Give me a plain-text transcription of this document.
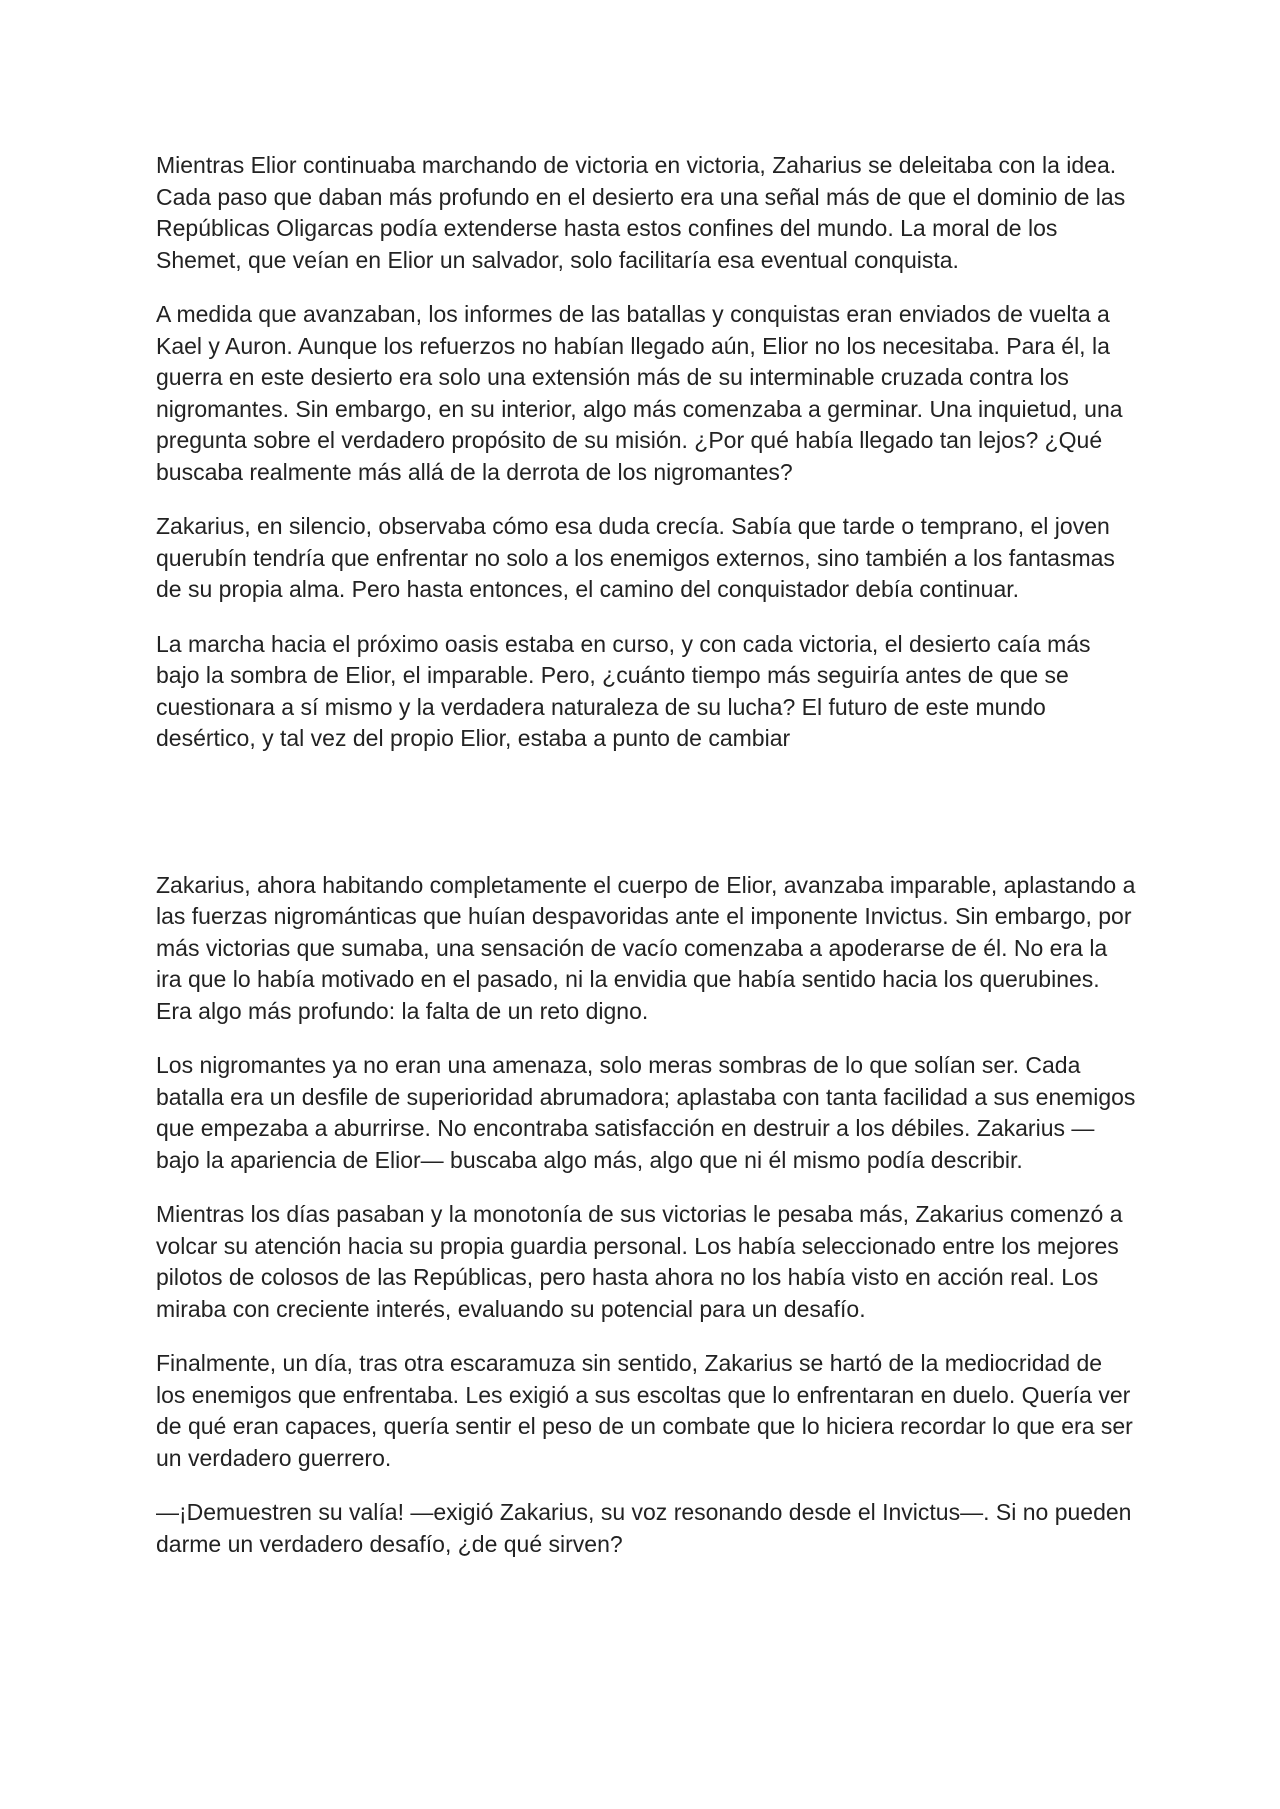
Mientras Elior continuaba marchando de victoria en victoria, Zaharius se deleitaba con la idea. Cada paso que daban más profundo en el desierto era una señal más de que el dominio de las Repúblicas Oligarcas podía extenderse hasta estos confines del mundo. La moral de los Shemet, que veían en Elior un salvador, solo facilitaría esa eventual conquista.

A medida que avanzaban, los informes de las batallas y conquistas eran enviados de vuelta a Kael y Auron. Aunque los refuerzos no habían llegado aún, Elior no los necesitaba. Para él, la guerra en este desierto era solo una extensión más de su interminable cruzada contra los nigromantes. Sin embargo, en su interior, algo más comenzaba a germinar. Una inquietud, una pregunta sobre el verdadero propósito de su misión. ¿Por qué había llegado tan lejos? ¿Qué buscaba realmente más allá de la derrota de los nigromantes?

Zakarius, en silencio, observaba cómo esa duda crecía. Sabía que tarde o temprano, el joven querubín tendría que enfrentar no solo a los enemigos externos, sino también a los fantasmas de su propia alma. Pero hasta entonces, el camino del conquistador debía continuar.

La marcha hacia el próximo oasis estaba en curso, y con cada victoria, el desierto caía más bajo la sombra de Elior, el imparable. Pero, ¿cuánto tiempo más seguiría antes de que se cuestionara a sí mismo y la verdadera naturaleza de su lucha? El futuro de este mundo desértico, y tal vez del propio Elior, estaba a punto de cambiar

Zakarius, ahora habitando completamente el cuerpo de Elior, avanzaba imparable, aplastando a las fuerzas nigrománticas que huían despavoridas ante el imponente Invictus. Sin embargo, por más victorias que sumaba, una sensación de vacío comenzaba a apoderarse de él. No era la ira que lo había motivado en el pasado, ni la envidia que había sentido hacia los querubines. Era algo más profundo: la falta de un reto digno.

Los nigromantes ya no eran una amenaza, solo meras sombras de lo que solían ser. Cada batalla era un desfile de superioridad abrumadora; aplastaba con tanta facilidad a sus enemigos que empezaba a aburrirse. No encontraba satisfacción en destruir a los débiles. Zakarius —bajo la apariencia de Elior— buscaba algo más, algo que ni él mismo podía describir.

Mientras los días pasaban y la monotonía de sus victorias le pesaba más, Zakarius comenzó a volcar su atención hacia su propia guardia personal. Los había seleccionado entre los mejores pilotos de colosos de las Repúblicas, pero hasta ahora no los había visto en acción real. Los miraba con creciente interés, evaluando su potencial para un desafío.

Finalmente, un día, tras otra escaramuza sin sentido, Zakarius se hartó de la mediocridad de los enemigos que enfrentaba. Les exigió a sus escoltas que lo enfrentaran en duelo. Quería ver de qué eran capaces, quería sentir el peso de un combate que lo hiciera recordar lo que era ser un verdadero guerrero.

—¡Demuestren su valía! —exigió Zakarius, su voz resonando desde el Invictus—. Si no pueden darme un verdadero desafío, ¿de qué sirven?
